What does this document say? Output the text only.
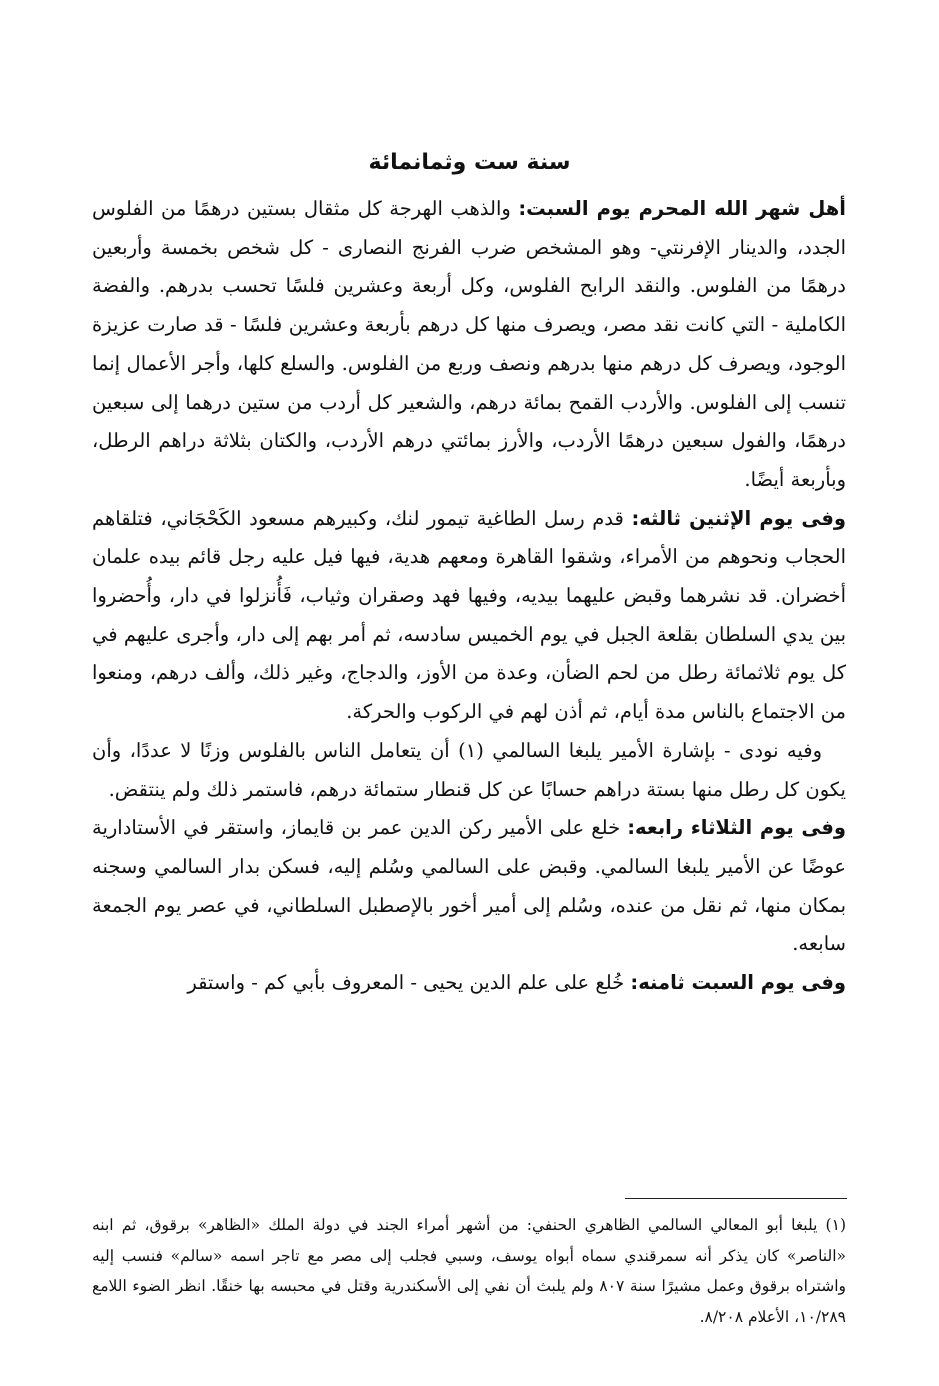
سنة ست وثمانمائة

أهل شهر الله المحرم يوم السبت: والذهب الهرجة كل مثقال بستين درهمًا من الفلوس الجدد، والدينار الإفرنتي- وهو المشخص ضرب الفرنج النصارى - كل شخص بخمسة وأربعين درهمًا من الفلوس. والنقد الرابح الفلوس، وكل أربعة وعشرين فلسًا تحسب بدرهم. والفضة الكاملية - التي كانت نقد مصر، ويصرف منها كل درهم بأربعة وعشرين فلسًا - قد صارت عزيزة الوجود، ويصرف كل درهم منها بدرهم ونصف وربع من الفلوس. والسلع كلها، وأجر الأعمال إنما تنسب إلى الفلوس. والأردب القمح بمائة درهم، والشعير كل أردب من ستين درهما إلى سبعين درهمًا، والفول سبعين درهمًا الأردب، والأرز بمائتي درهم الأردب، والكتان بثلاثة دراهم الرطل، وبأربعة أيضًا.

وفى يوم الإثنين ثالثه: قدم رسل الطاغية تيمور لنك، وكبيرهم مسعود الكَحْجَاني، فتلقاهم الحجاب ونحوهم من الأمراء، وشقوا القاهرة ومعهم هدية، فيها فيل عليه رجل قائم بيده علمان أخضران. قد نشرهما وقبض عليهما بيديه، وفيها فهد وصقران وثياب، فَأُنزلوا في دار، وأُحضروا بين يدي السلطان بقلعة الجبل في يوم الخميس سادسه، ثم أمر بهم إلى دار، وأجرى عليهم في كل يوم ثلاثمائة رطل من لحم الضأن، وعدة من الأوز، والدجاج، وغير ذلك، وألف درهم، ومنعوا من الاجتماع بالناس مدة أيام، ثم أذن لهم في الركوب والحركة.

وفيه نودى - بإشارة الأمير يلبغا السالمي (١) أن يتعامل الناس بالفلوس وزنًا لا عددًا، وأن يكون كل رطل منها بستة دراهم حسابًا عن كل قنطار ستمائة درهم، فاستمر ذلك ولم ينتقض.

وفى يوم الثلاثاء رابعه: خلع على الأمير ركن الدين عمر بن قايماز، واستقر في الأستادارية عوضًا عن الأمير يلبغا السالمي. وقبض على السالمي وسُلم إليه، فسكن بدار السالمي وسجنه بمكان منها، ثم نقل من عنده، وسُلم إلى أمير أخور بالإصطبل السلطاني، في عصر يوم الجمعة سابعه.

وفى يوم السبت ثامنه: خُلع على علم الدين يحيى - المعروف بأبي كم - واستقر

(١) يلبغا أبو المعالي السالمي الظاهري الحنفي: من أشهر أمراء الجند في دولة الملك «الظاهر» برقوق، ثم ابنه «الناصر» كان يذكر أنه سمرقندي سماه أبواه يوسف، وسبي فجلب إلى مصر مع تاجر اسمه «سالم» فنسب إليه واشتراه برقوق وعمل مشيرًا سنة ٨٠٧ ولم يلبث أن نفي إلى الأسكندرية وقتل في محبسه بها خنقًا. انظر الضوء اللامع ١٠/٢٨٩، الأعلام ٨/٢٠٨.
